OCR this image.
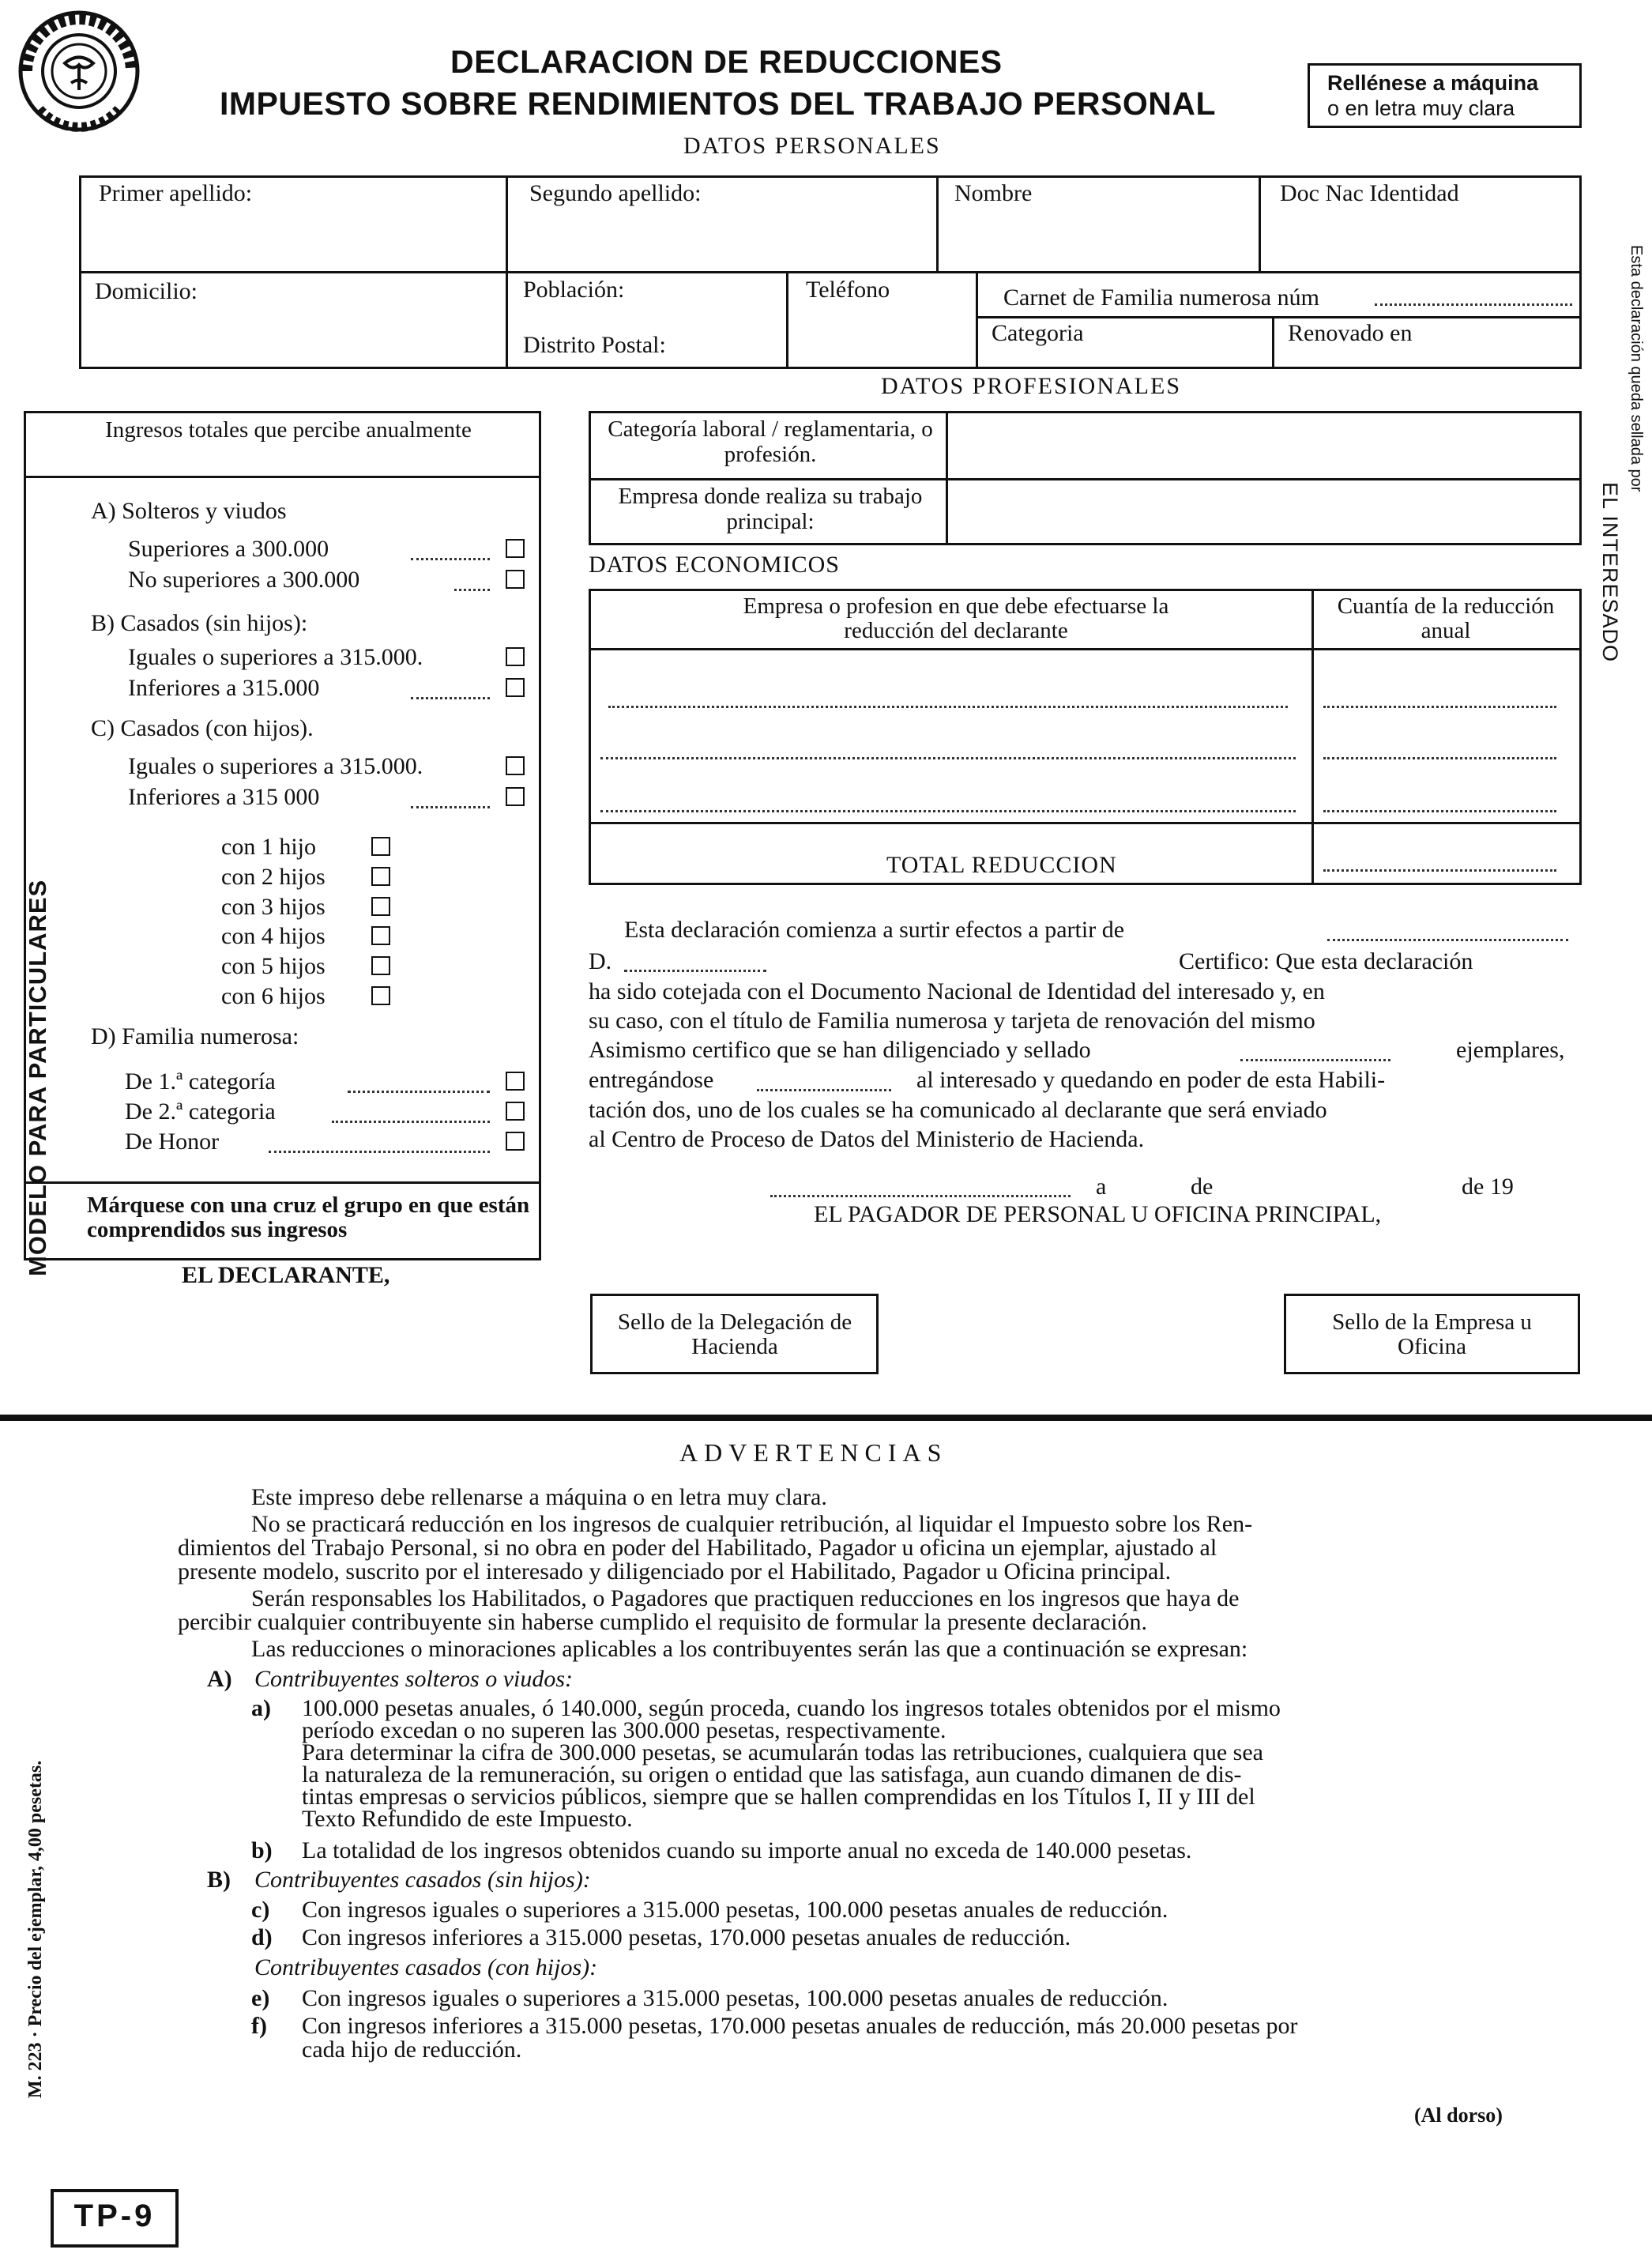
DECLARACION DE REDUCCIONES
IMPUESTO SOBRE RENDIMIENTOS DEL TRABAJO PERSONAL
Rellénese a máquina
o en letra muy clara
DATOS PERSONALES
Primer apellido:	Segundo apellido:	Nombre	Doc Nac Identidad
Domicilio:	Población:
Distrito Postal:
Teléfono	Carnet de Familia numerosa núm
Categoria	Renovado en
DATOS PROFESIONALES
Categoría laboral / reglamentaria, o profesión.
Empresa donde realiza su trabajo principal:
DATOS ECONOMICOS
Empresa o profesion en que debe efectuarse la reducción del declarante
Cuantía de la reducción anual
TOTAL REDUCCION
Ingresos totales que percibe anualmente
A) Solteros y viudos
Superiores a 300.000
No superiores a 300.000
B) Casados (sin hijos):
Iguales o superiores a 315.000.
Inferiores a 315.000
C) Casados (con hijos).
Iguales o superiores a 315.000.
Inferiores a 315 000
con 1 hijo
con 2 hijos
con 3 hijos
con 4 hijos
con 5 hijos
con 6 hijos
D) Familia numerosa:
De 1.ª categoría
De 2.ª categoria
De Honor
Márquese con una cruz el grupo en que están comprendidos sus ingresos
EL DECLARANTE,
Esta declaración comienza a surtir efectos a partir de
D.	Certifico: Que esta declaración
ha sido cotejada con el Documento Nacional de Identidad del interesado y, en
su caso, con el título de Familia numerosa y tarjeta de renovación del mismo
Asimismo certifico que se han diligenciado y sellado	ejemplares,
entregándose	al interesado y quedando en poder de esta Habili-
tación dos, uno de los cuales se ha comunicado al declarante que será enviado
al Centro de Proceso de Datos del Ministerio de Hacienda.
a	de	de 19
EL PAGADOR DE PERSONAL U OFICINA PRINCIPAL,
Sello de la Delegación de Hacienda
Sello de la Empresa u Oficina
MODELO PARA PARTICULARES
Esta declaración queda sellada por
EL INTERESADO
M. 223 · Precio del ejemplar, 4,00 pesetas.
ADVERTENCIAS
Este impreso debe rellenarse a máquina o en letra muy clara.
No se practicará reducción en los ingresos de cualquier retribución, al liquidar el Impuesto sobre los Ren-
dimientos del Trabajo Personal, si no obra en poder del Habilitado, Pagador u oficina un ejemplar, ajustado al
presente modelo, suscrito por el interesado y diligenciado por el Habilitado, Pagador u Oficina principal.
Serán responsables los Habilitados, o Pagadores que practiquen reducciones en los ingresos que haya de
percibir cualquier contribuyente sin haberse cumplido el requisito de formular la presente declaración.
Las reducciones o minoraciones aplicables a los contribuyentes serán las que a continuación se expresan:
A) Contribuyentes solteros o viudos:
a) 100.000 pesetas anuales, ó 140.000, según proceda, cuando los ingresos totales obtenidos por el mismo
período excedan o no superen las 300.000 pesetas, respectivamente.
Para determinar la cifra de 300.000 pesetas, se acumularán todas las retribuciones, cualquiera que sea
la naturaleza de la remuneración, su origen o entidad que las satisfaga, aun cuando dimanen de dis-
tintas empresas o servicios públicos, siempre que se hallen comprendidas en los Títulos I, II y III del
Texto Refundido de este Impuesto.
b) La totalidad de los ingresos obtenidos cuando su importe anual no exceda de 140.000 pesetas.
B) Contribuyentes casados (sin hijos):
c) Con ingresos iguales o superiores a 315.000 pesetas, 100.000 pesetas anuales de reducción.
d) Con ingresos inferiores a 315.000 pesetas, 170.000 pesetas anuales de reducción.
Contribuyentes casados (con hijos):
e) Con ingresos iguales o superiores a 315.000 pesetas, 100.000 pesetas anuales de reducción.
f) Con ingresos inferiores a 315.000 pesetas, 170.000 pesetas anuales de reducción, más 20.000 pesetas por
cada hijo de reducción.
(Al dorso)
TP-9
